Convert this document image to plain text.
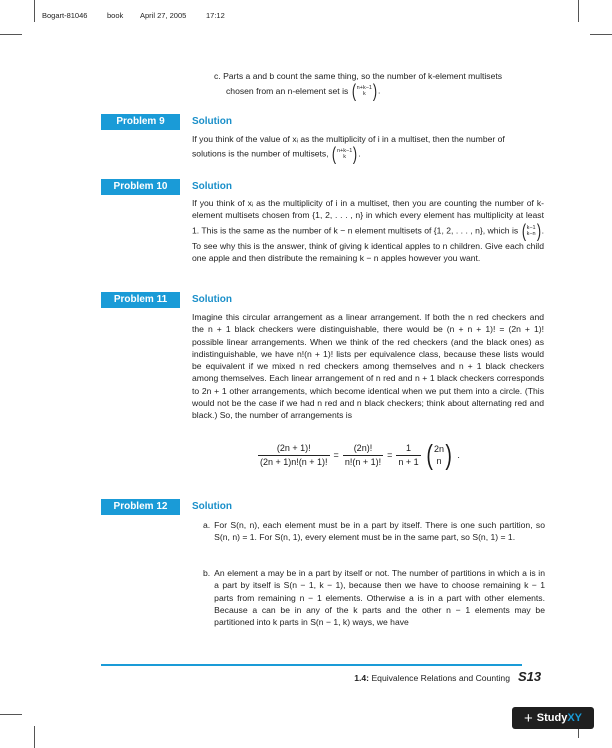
Bogart-81046	book April 27, 2005	17:12
c. Parts a and b count the same thing, so the number of k-element multisets
chosen from an n-element set is ( n+k−1
k ) .
Problem 9	Solution
If you think of the value of xᵢ as the multiplicity of i in a multiset, then the number of
solutions is the number of multisets, ( n+k−1
k ) .
Problem 10	Solution
If you think of xᵢ as the multiplicity of i in a multiset, then you are counting the number of k-element multisets chosen from {1, 2, . . . , n} in which every element has multiplicity at least 1. This is the same as the number of k − n element multisets of {1, 2, . . . , n}, which is ( k−1
k−n ) . To see why this is the answer, think of giving k identical apples to n children. Give each child one apple and then distribute the remaining k − n apples however you want.
Problem 11	Solution
Imagine this circular arrangement as a linear arrangement. If both the n red checkers and the n + 1 black checkers were distinguishable, there would be (n + n + 1)! = (2n + 1)! possible linear arrangements. When we think of the red checkers (and the black ones) as indistinguishable, we have n!(n + 1)! lists per equivalence class, because these lists would be equivalent if we mixed n red checkers among themselves and n + 1 black checkers among themselves. Each linear arrangement of n red and n + 1 black checkers corresponds to 2n + 1 other arrangements, which become identical when we put them into a circle. (This would not be the case if we had n red and n black checkers; think about alternating red and black.) So, the number of arrangements is
$\frac{(2n + 1)!}{(2n + 1)n!(n + 1)!} = \frac{(2n)!}{n!(n + 1)!} = \frac{1}{n + 1}$ ( 2n
n ) .
Problem 12	Solution
a. For S(n, n), each element must be in a part by itself. There is one such partition, so S(n, n) = 1. For S(n, 1), every element must be in the same part, so S(n, 1) = 1.
b. An element a may be in a part by itself or not. The number of partitions in which a is in a part by itself is S(n − 1, k − 1), because then we have to choose remaining k − 1 parts from remaining n − 1 elements. Otherwise a is in a part with other elements. Because a can be in any of the k parts and the other n − 1 elements may be partitioned into k parts in S(n − 1, k) ways, we have
1.4: Equivalence Relations and Counting S13
+ StudyXY
